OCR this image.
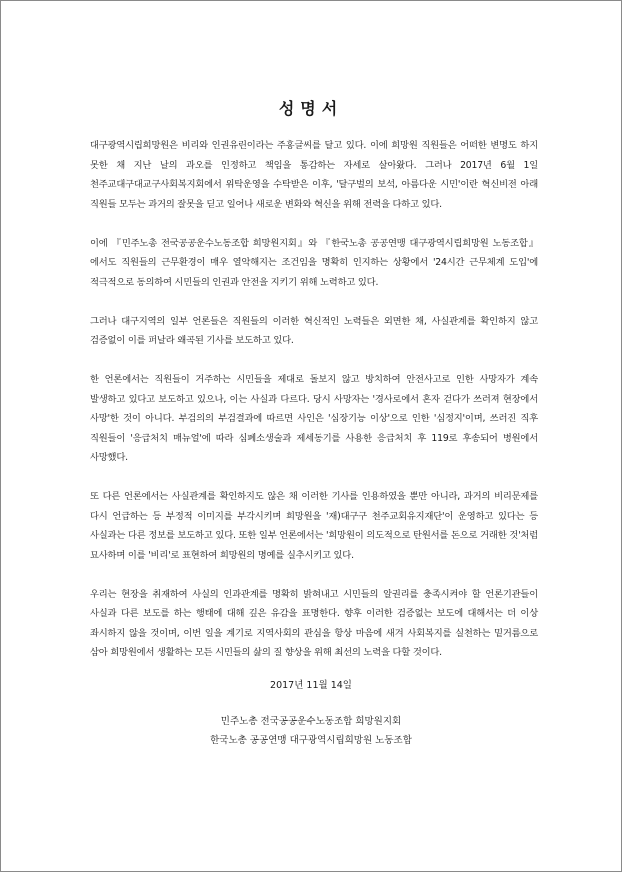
성명서

대구광역시립희망원은 비리와 인권유린이라는 주홍글씨를 달고 있다. 이에 희망원 직원들은 어떠한 변명도 하지 못한 채 지난 날의 과오를 인정하고 책임을 통감하는 자세로 살아왔다. 그러나 2017년 6월 1일 천주교대구대교구사회복지회에서 위탁운영을 수탁받은 이후, '달구벌의 보석, 아름다운 시민'이란 혁신비전 아래 직원들 모두는 과거의 잘못을 딛고 일어나 새로운 변화와 혁신을 위해 전력을 다하고 있다.

이에 『민주노총 전국공공운수노동조합 희망원지회』와 『한국노총 공공연맹 대구광역시립희망원 노동조합』에서도 직원들의 근무환경이 매우 열악해지는 조건임을 명확히 인지하는 상황에서 '24시간 근무체계 도입'에 적극적으로 동의하여 시민들의 인권과 안전을 지키기 위해 노력하고 있다.

그러나 대구지역의 일부 언론들은 직원들의 이러한 혁신적인 노력들은 외면한 채, 사실관계를 확인하지 않고 검증없이 이를 퍼날라 왜곡된 기사를 보도하고 있다.

한 언론에서는 직원들이 거주하는 시민들을 제대로 돌보지 않고 방치하여 안전사고로 인한 사망자가 계속 발생하고 있다고 보도하고 있으나, 이는 사실과 다르다. 당시 사망자는 '경사로에서 혼자 걷다가 쓰러져 현장에서 사망'한 것이 아니다. 부검의의 부검결과에 따르면 사인은 '심장기능 이상'으로 인한 '심정지'이며, 쓰러진 직후 직원들이 '응급처치 매뉴얼'에 따라 심폐소생술과 제세동기를 사용한 응급처치 후 119로 후송되어 병원에서 사망했다.

또 다른 언론에서는 사실관계를 확인하지도 않은 채 이러한 기사를 인용하였을 뿐만 아니라, 과거의 비리문제를 다시 언급하는 등 부정적 이미지를 부각시키며 희망원을 '재)대구구 천주교회유지재단'이 운영하고 있다는 등 사실과는 다른 정보를 보도하고 있다. 또한 일부 언론에서는 '희망원이 의도적으로 탄원서를 돈으로 거래한 것'처럼 묘사하며 이를 '비리'로 표현하여 희망원의 명예를 실추시키고 있다.

우리는 현장을 취재하여 사실의 인과관계를 명확히 밝혀내고 시민들의 알권리를 충족시켜야 할 언론기관들이 사실과 다른 보도를 하는 행태에 대해 깊은 유감을 표명한다. 향후 이러한 검증없는 보도에 대해서는 더 이상 좌시하지 않을 것이며, 이번 일을 계기로 지역사회의 관심을 항상 마음에 새겨 사회복지를 실천하는 밑거름으로 삼아 희망원에서 생활하는 모든 시민들의 삶의 질 향상을 위해 최선의 노력을 다할 것이다.

2017년 11월 14일
민주노총 전국공공운수노동조합 희망원지회
한국노총 공공연맹 대구광역시립희망원 노동조합
